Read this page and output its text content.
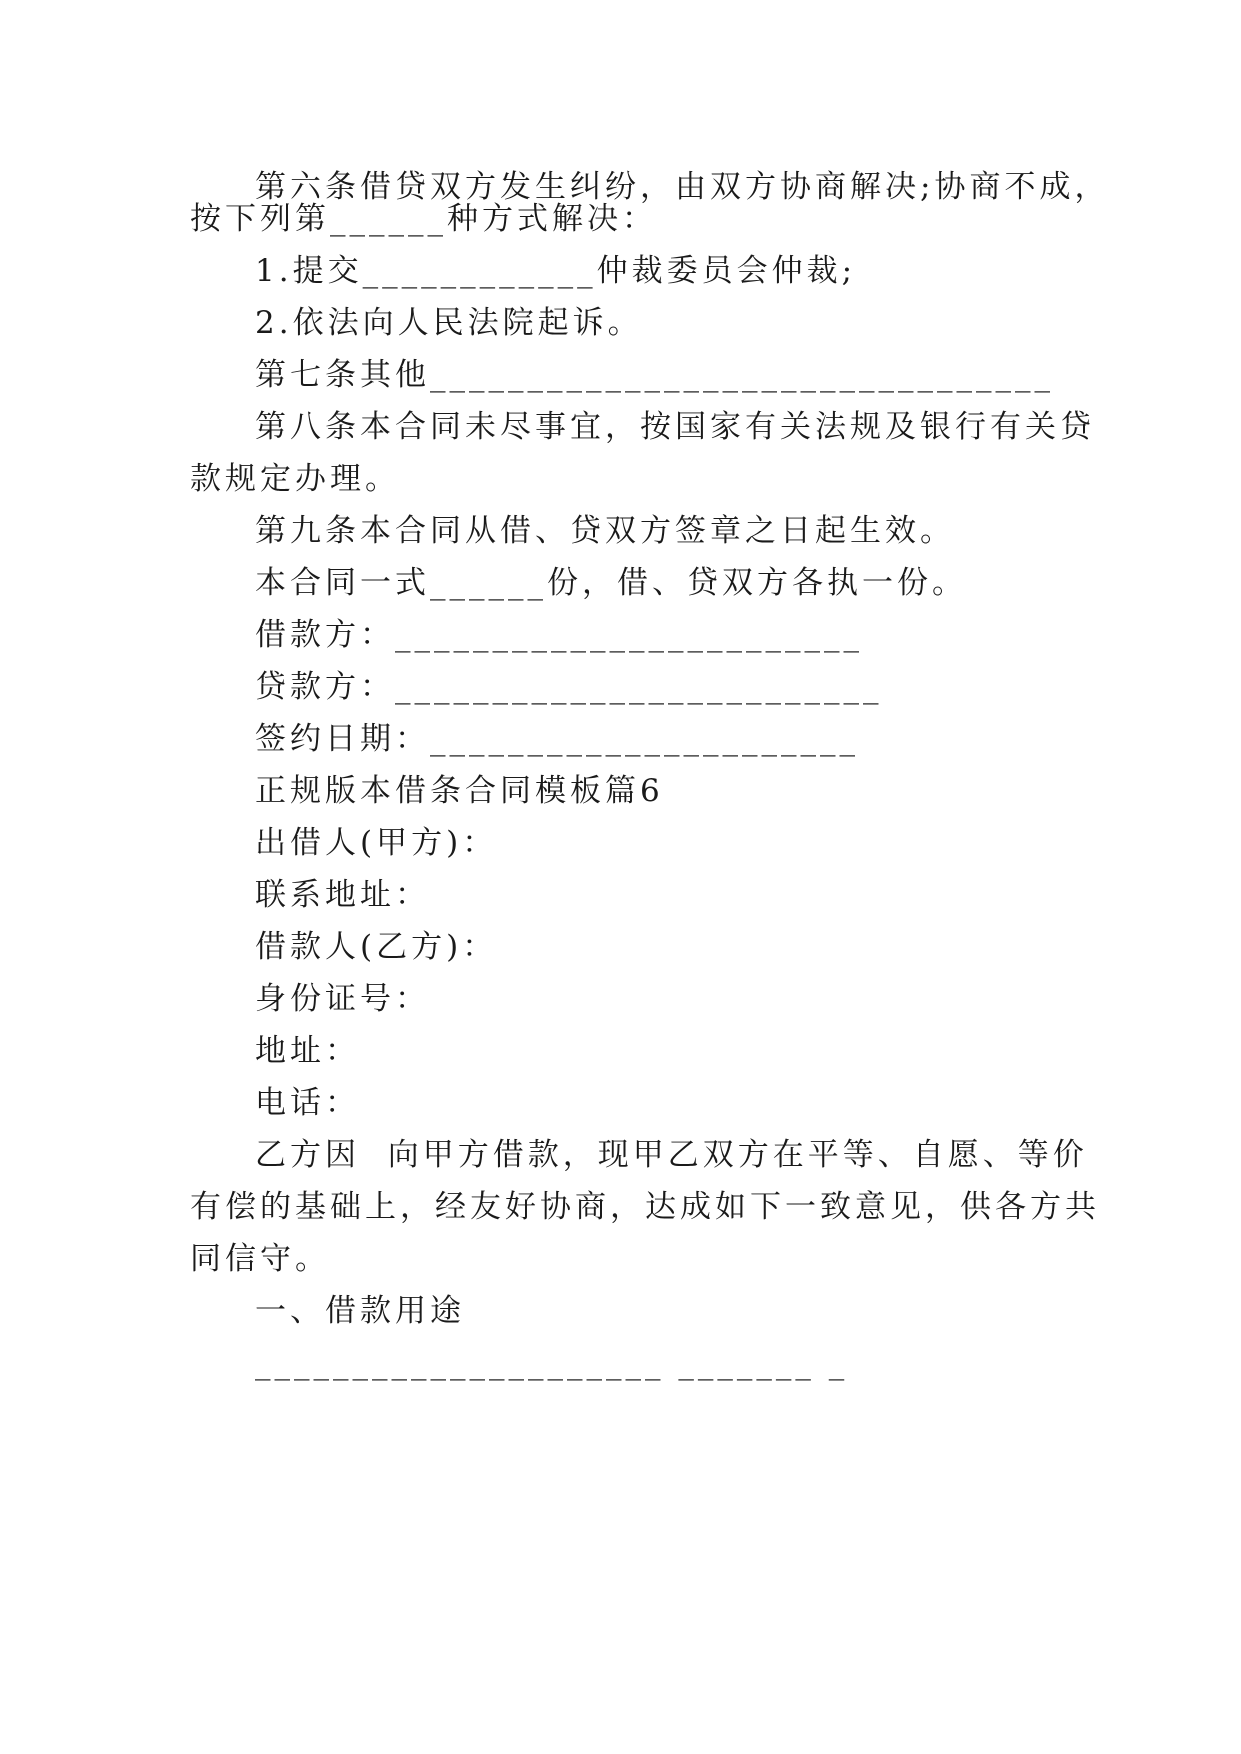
第六条借贷双方发生纠纷，由双方协商解决;协商不成，
按下列第______种方式解决：
1.提交____________仲裁委员会仲裁;
2.依法向人民法院起诉。
第七条其他________________________________
第八条本合同未尽事宜，按国家有关法规及银行有关贷
款规定办理。
第九条本合同从借、贷双方签章之日起生效。
本合同一式______份，借、贷双方各执一份。
借款方：________________________
贷款方：_________________________
签约日期：______________________
正规版本借条合同模板篇6
出借人(甲方)：
联系地址：
借款人(乙方)：
身份证号：
地址：
电话：
乙方因  向甲方借款，现甲乙双方在平等、自愿、等价
有偿的基础上，经友好协商，达成如下一致意见，供各方共
同信守。
一、借款用途
_____________________ _______ _
